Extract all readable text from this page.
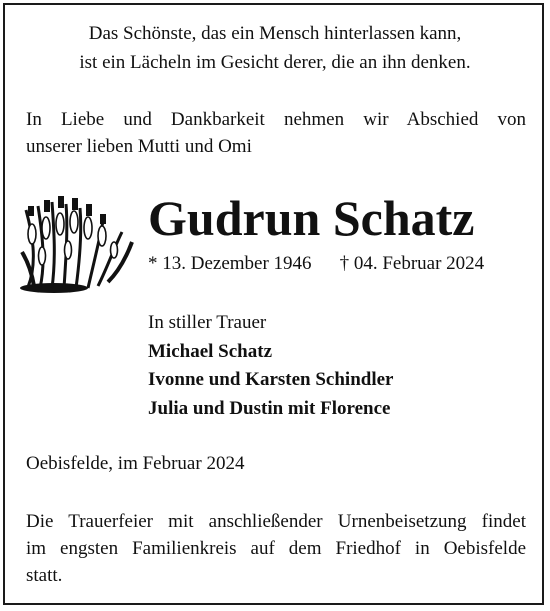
Das Schönste, das ein Mensch hinterlassen kann,
ist ein Lächeln im Gesicht derer, die an ihn denken.
In Liebe und Dankbarkeit nehmen wir Abschied von
unserer lieben Mutti und Omi
Gudrun Schatz
* 13. Dezember 1946 † 04. Februar 2024
In stiller Trauer
Michael Schatz
Ivonne und Karsten Schindler
Julia und Dustin mit Florence
Oebisfelde, im Februar 2024
Die Trauerfeier mit anschließender Urnenbeisetzung findet
im engsten Familienkreis auf dem Friedhof in Oebisfelde
statt.
